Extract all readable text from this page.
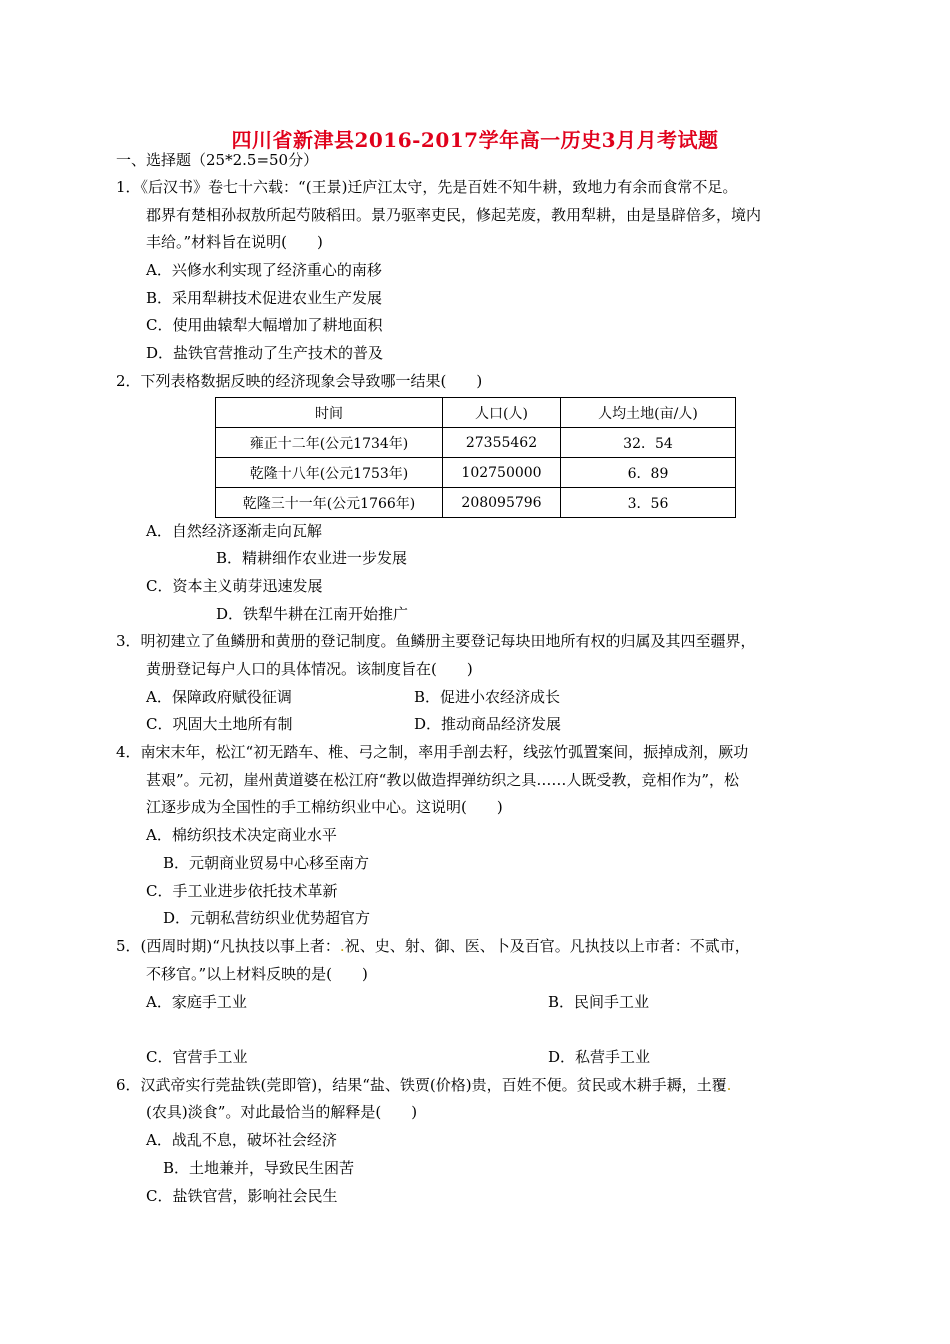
四川省新津县2016-2017学年高一历史3月月考试题
一、选择题（25*2.5=50分）
1．《后汉书》卷七十六载：“(王景)迁庐江太守，先是百姓不知牛耕，致地力有余而食常不足。
郡界有楚相孙叔敖所起芍陂稻田。景乃驱率吏民，修起芜废，教用犁耕，由是垦辟倍多，境内
丰给。”材料旨在说明(　　)
A．兴修水利实现了经济重心的南移
B．采用犁耕技术促进农业生产发展
C．使用曲辕犁大幅增加了耕地面积
D．盐铁官营推动了生产技术的普及
2．下列表格数据反映的经济现象会导致哪一结果(　　)
时间	人口(人)	人均土地(亩/人)
雍正十二年(公元1734年)	27355462	32．54
乾隆十八年(公元1753年)	102750000	6．89
乾隆三十一年(公元1766年)	208095796	3．56
A．自然经济逐渐走向瓦解
B．精耕细作农业进一步发展
C．资本主义萌芽迅速发展
D．铁犁牛耕在江南开始推广
3．明初建立了鱼鳞册和黄册的登记制度。鱼鳞册主要登记每块田地所有权的归属及其四至疆界，
黄册登记每户人口的具体情况。该制度旨在(　　)
A．保障政府赋役征调	B．促进小农经济成长
C．巩固大土地所有制	D．推动商品经济发展
4．南宋末年，松江“初无踏车、椎、弓之制，率用手剖去籽，线弦竹弧置案间，振掉成剂，厥功
甚艰”。元初，崖州黄道婆在松江府“教以做造捍弹纺织之具……人既受教，竞相作为”，松
江逐步成为全国性的手工棉纺织业中心。这说明(　　)
A．棉纺织技术决定商业水平
B．元朝商业贸易中心移至南方
C．手工业进步依托技术革新
D．元朝私营纺织业优势超官方
5．(西周时期)“凡执技以事上者：.祝、史、射、御、医、卜及百官。凡执技以上市者：不贰市，
不移官。”以上材料反映的是(　　)
A．家庭手工业	B．民间手工业
C．官营手工业	D．私营手工业
6．汉武帝实行莞盐铁(莞即管)，结果“盐、铁贾(价格)贵，百姓不便。贫民或木耕手耨，土覆.
(农具)淡食”。对此最恰当的解释是(　　)
A．战乱不息，破坏社会经济
B．土地兼并，导致民生困苦
C．盐铁官营，影响社会民生
